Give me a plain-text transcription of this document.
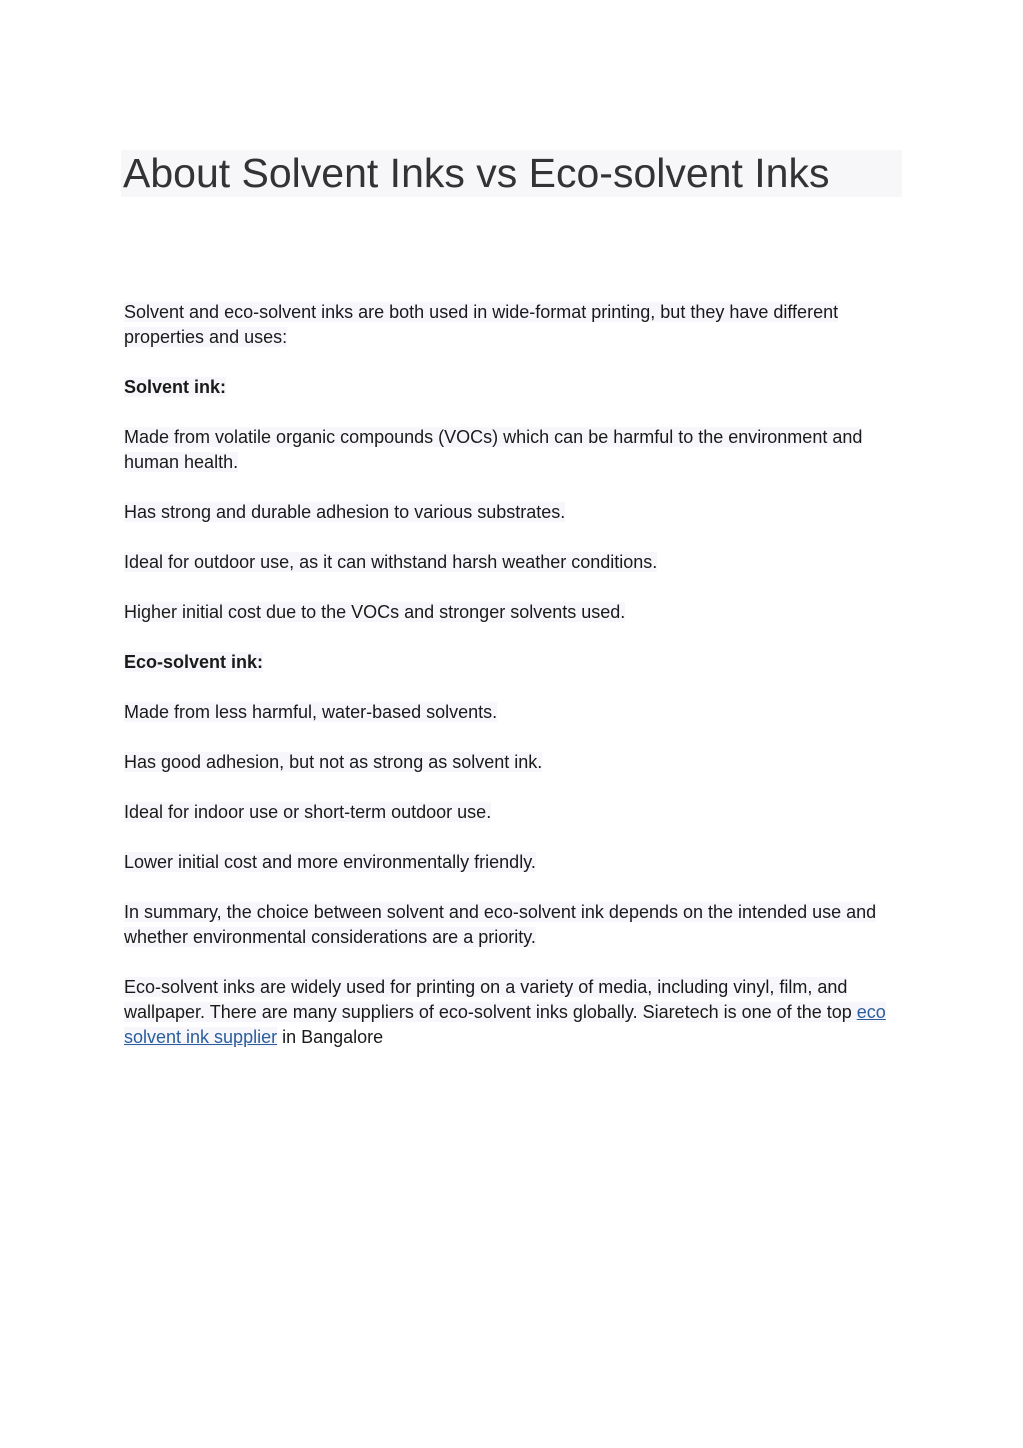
About Solvent Inks vs Eco-solvent Inks

Solvent and eco-solvent inks are both used in wide-format printing, but they have different properties and uses:

Solvent ink:

Made from volatile organic compounds (VOCs) which can be harmful to the environment and human health.

Has strong and durable adhesion to various substrates.

Ideal for outdoor use, as it can withstand harsh weather conditions.

Higher initial cost due to the VOCs and stronger solvents used.

Eco-solvent ink:

Made from less harmful, water-based solvents.

Has good adhesion, but not as strong as solvent ink.

Ideal for indoor use or short-term outdoor use.

Lower initial cost and more environmentally friendly.

In summary, the choice between solvent and eco-solvent ink depends on the intended use and whether environmental considerations are a priority.

Eco-solvent inks are widely used for printing on a variety of media, including vinyl, film, and wallpaper. There are many suppliers of eco-solvent inks globally. Siaretech is one of the top eco solvent ink supplier in Bangalore
